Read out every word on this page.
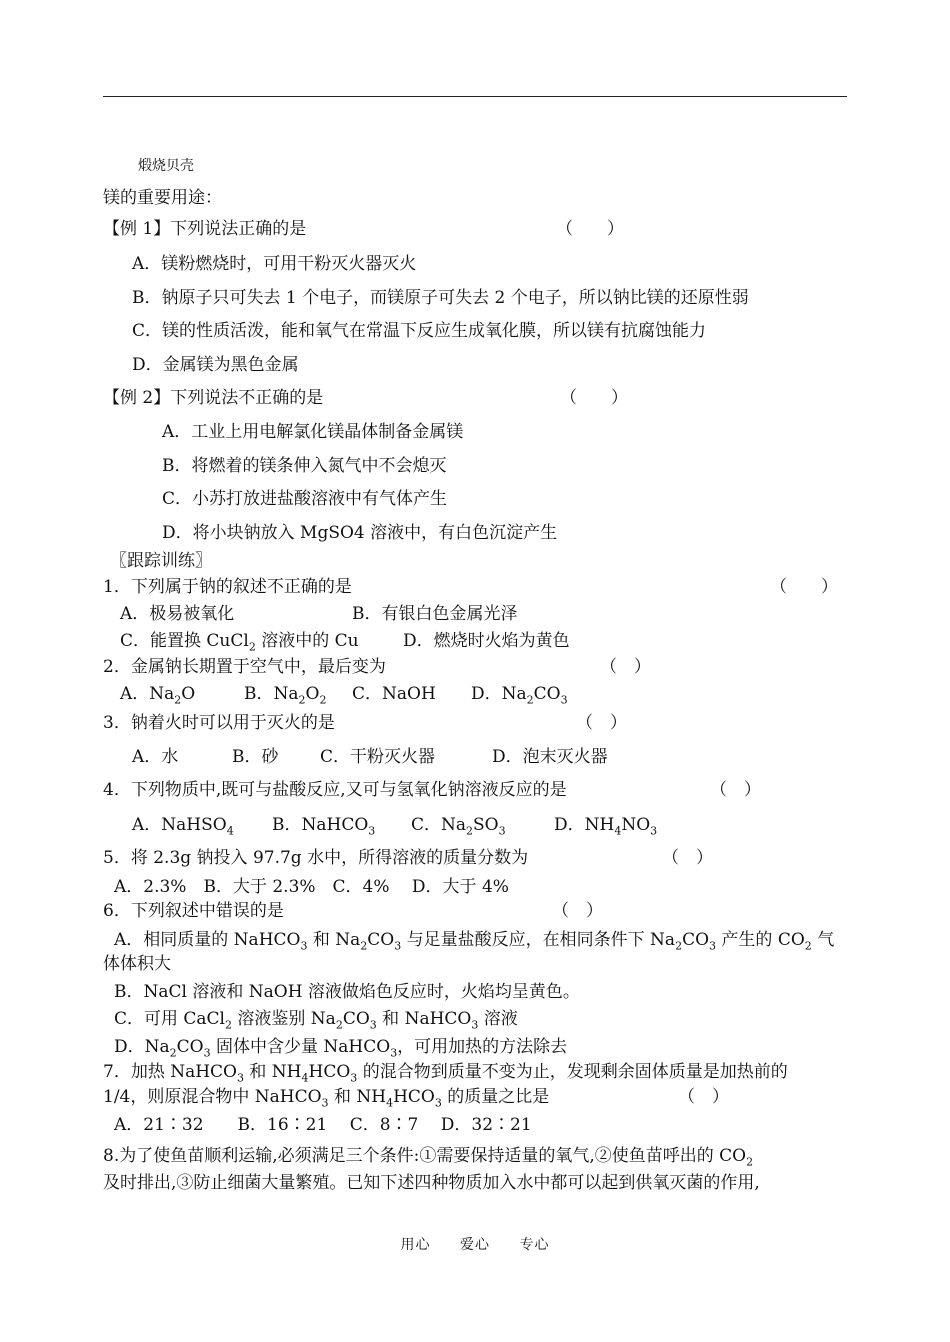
煅烧贝壳
镁的重要用途：
【例 1】下列说法正确的是	（　　）
A．镁粉燃烧时，可用干粉灭火器灭火
B．钠原子只可失去 1 个电子，而镁原子可失去 2 个电子，所以钠比镁的还原性弱
C．镁的性质活泼，能和氧气在常温下反应生成氧化膜，所以镁有抗腐蚀能力
D．金属镁为黑色金属
【例 2】下列说法不正确的是	（　　）
A．工业上用电解氯化镁晶体制备金属镁
B．将燃着的镁条伸入氮气中不会熄灭
C．小苏打放进盐酸溶液中有气体产生
D．将小块钠放入 MgSO4 溶液中，有白色沉淀产生
〖跟踪训练〗
1．下列属于钠的叙述不正确的是	（　　）
A．极易被氧化	B．有银白色金属光泽
C．能置换 CuCl$_2$ 溶液中的 Cu	D．燃烧时火焰为黄色
2．金属钠长期置于空气中，最后变为	（　）
A．$Na_2O$	B．$Na_2O_2$ C．NaOH D．$Na_2CO_3$
3．钠着火时可以用于灭火的是	（　）
A．水	B．砂 C．干粉灭火器	D．泡末灭火器
4．下列物质中,既可与盐酸反应,又可与氢氧化钠溶液反应的是	（　）
A．NaHSO$_4$ B．NaHCO$_3$ C．$Na_2SO_3$	D．$NH_4NO_3$
5．将 2.3g 钠投入 97.7g 水中，所得溶液的质量分数为	（　）
A．2.3%　B．大于 2.3%　C．4%　 D．大于 4%
6．下列叙述中错误的是	（　）
A．相同质量的 NaHCO$_3$ 和 $Na_2CO_3$ 与足量盐酸反应，在相同条件下 $Na_2CO_3$ 产生的 $CO_2$ 气
体体积大
B．NaCl 溶液和 NaOH 溶液做焰色反应时，火焰均呈黄色。
C．可用 CaCl$_2$ 溶液鉴别 $Na_2CO_3$ 和 NaHCO$_3$ 溶液
D．$Na_2CO_3$ 固体中含少量 NaHCO$_3$，可用加热的方法除去
7．加热 NaHCO$_3$ 和 $NH_4HCO_3$ 的混合物到质量不变为止，发现剩余固体质量是加热前的
1/4，则原混合物中 NaHCO$_3$ 和 $NH_4HCO_3$ 的质量之比是	（　）
A．21∶32　　B．16∶21　 C．8∶7　 D．32∶21
8.为了使鱼苗顺利运输,必须满足三个条件:①需要保持适量的氧气,②使鱼苗呼出的 $CO_2$
及时排出,③防止细菌大量繁殖。已知下述四种物质加入水中都可以起到供氧灭菌的作用,
用心 爱心 专心
